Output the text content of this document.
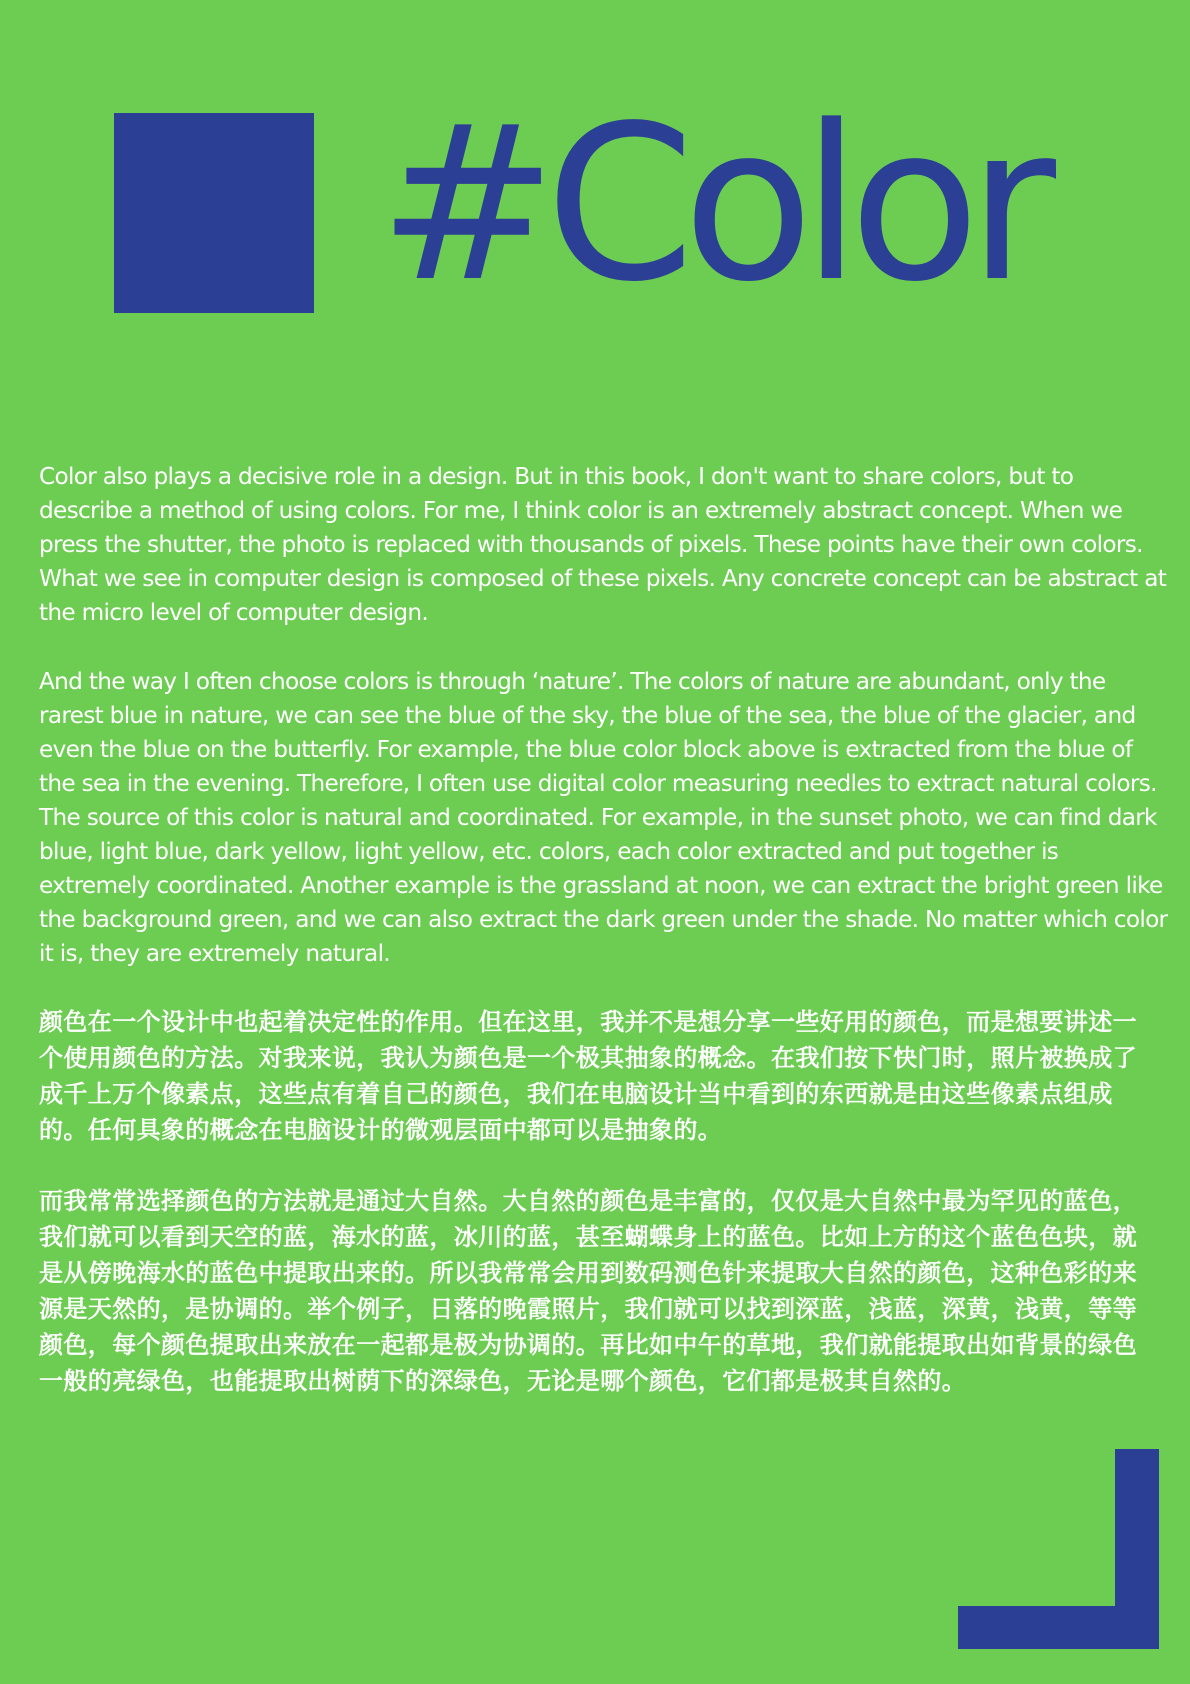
#Color

Color also plays a decisive role in a design. But in this book, I don't want to share colors, but to describe a method of using colors. For me, I think color is an extremely abstract concept. When we press the shutter, the photo is replaced with thousands of pixels. These points have their own colors. What we see in computer design is composed of these pixels. Any concrete concept can be abstract at the micro level of computer design.

And the way I often choose colors is through ‘nature’. The colors of nature are abundant, only the rarest blue in nature, we can see the blue of the sky, the blue of the sea, the blue of the glacier, and even the blue on the butterfly. For example, the blue color block above is extracted from the blue of the sea in the evening. Therefore, I often use digital color measuring needles to extract natural colors. The source of this color is natural and coordinated. For example, in the sunset photo, we can find dark blue, light blue, dark yellow, light yellow, etc. colors, each color extracted and put together is extremely coordinated. Another example is the grassland at noon, we can extract the bright green like the background green, and we can also extract the dark green under the shade. No matter which color it is, they are extremely natural.

颜色在一个设计中也起着决定性的作用。但在这里，我并不是想分享一些好用的颜色，而是想要讲述一个使用颜色的方法。对我来说，我认为颜色是一个极其抽象的概念。在我们按下快门时，照片被换成了成千上万个像素点，这些点有着自己的颜色，我们在电脑设计当中看到的东西就是由这些像素点组成的。任何具象的概念在电脑设计的微观层面中都可以是抽象的。

而我常常选择颜色的方法就是通过大自然。大自然的颜色是丰富的，仅仅是大自然中最为罕见的蓝色，我们就可以看到天空的蓝，海水的蓝，冰川的蓝，甚至蝴蝶身上的蓝色。比如上方的这个蓝色色块，就是从傍晚海水的蓝色中提取出来的。所以我常常会用到数码测色针来提取大自然的颜色，这种色彩的来源是天然的，是协调的。举个例子，日落的晚霞照片，我们就可以找到深蓝，浅蓝，深黄，浅黄，等等颜色，每个颜色提取出来放在一起都是极为协调的。再比如中午的草地，我们就能提取出如背景的绿色一般的亮绿色，也能提取出树荫下的深绿色，无论是哪个颜色，它们都是极其自然的。
